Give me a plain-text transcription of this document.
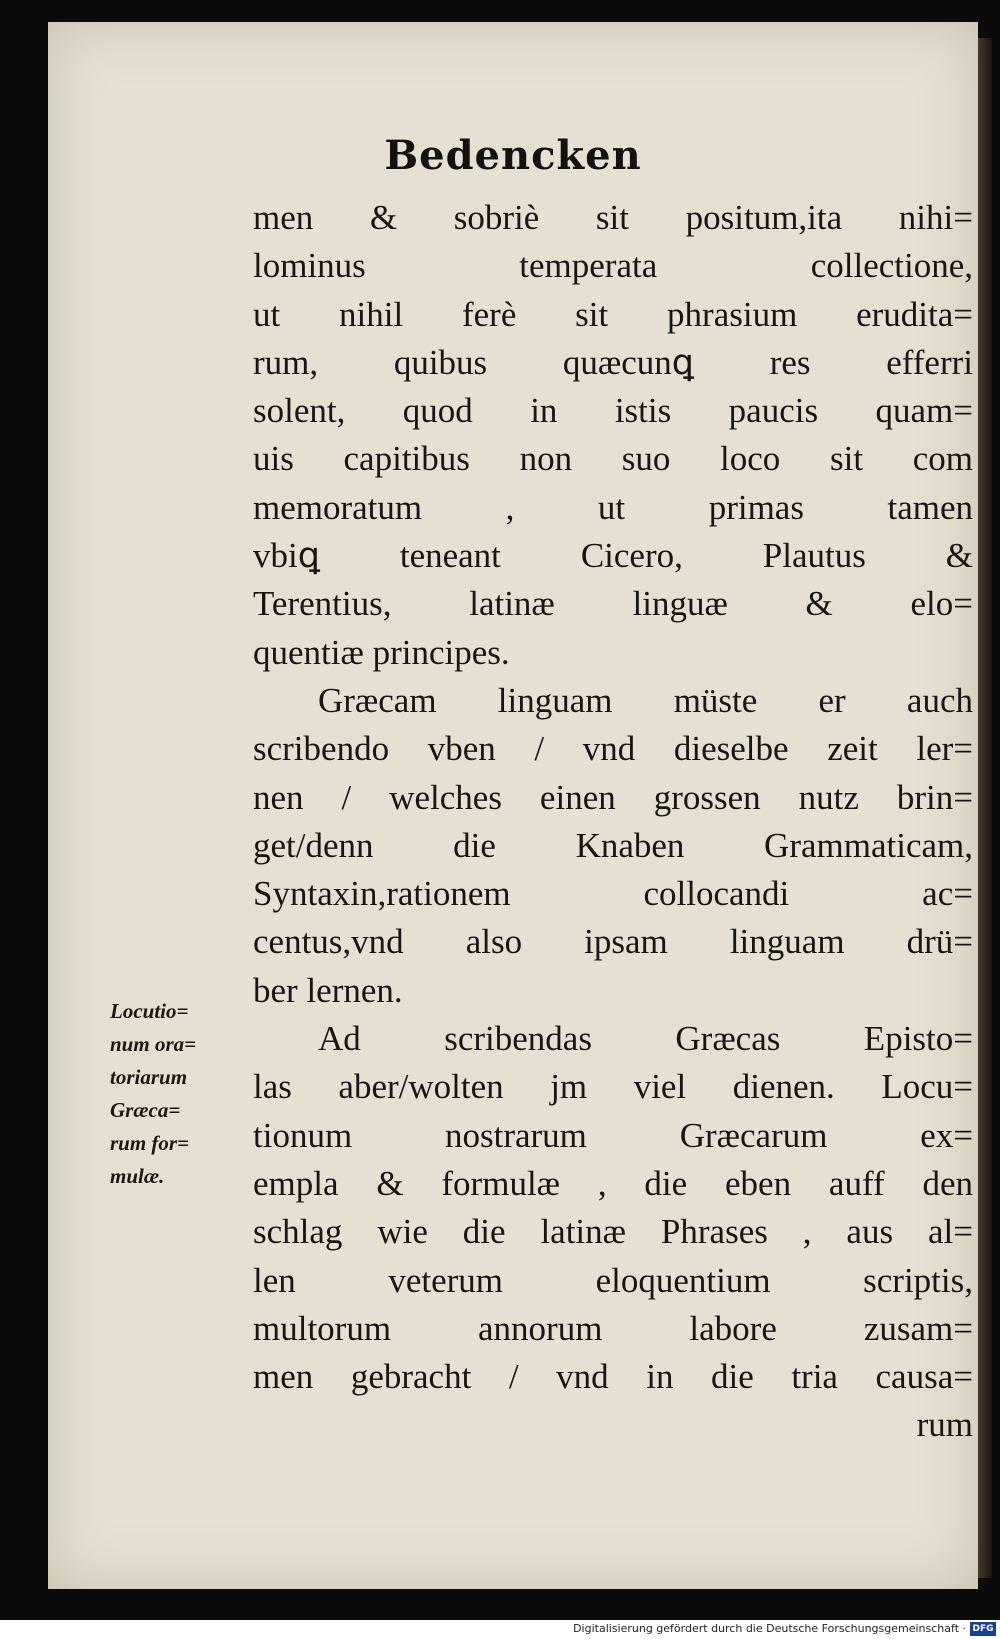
Bedencken
men & sobriè sit positum,ita nihi=
lominus temperata collectione,
ut nihil ferè sit phrasium erudita=
rum, quibus quæcunꝗ res efferri
solent, quod in istis paucis quam=
uis capitibus non suo loco sit com
memoratum , ut primas tamen
vbiꝗ teneant Cicero, Plautus &
Terentius, latinæ linguæ & elo=
quentiæ principes.
Græcam linguam müste er auch
scribendo vben / vnd dieselbe zeit ler=
nen / welches einen grossen nutz brin=
get/denn die Knaben Grammaticam,
Syntaxin,rationem collocandi ac=
centus,vnd also ipsam linguam drü=
ber lernen.
Ad scribendas Græcas Episto=
las aber/wolten jm viel dienen. Locu=
tionum nostrarum Græcarum ex=
empla & formulæ , die eben auff den
schlag wie die latinæ Phrases , aus al=
len veterum eloquentium scriptis,
multorum annorum labore zusam=
men gebracht / vnd in die tria causa=
rum
Locutio=
num ora=
toriarum
Græca=
rum for=
mulæ.
Digitalisierung gefördert durch die Deutsche Forschungsgemeinschaft · DFG
